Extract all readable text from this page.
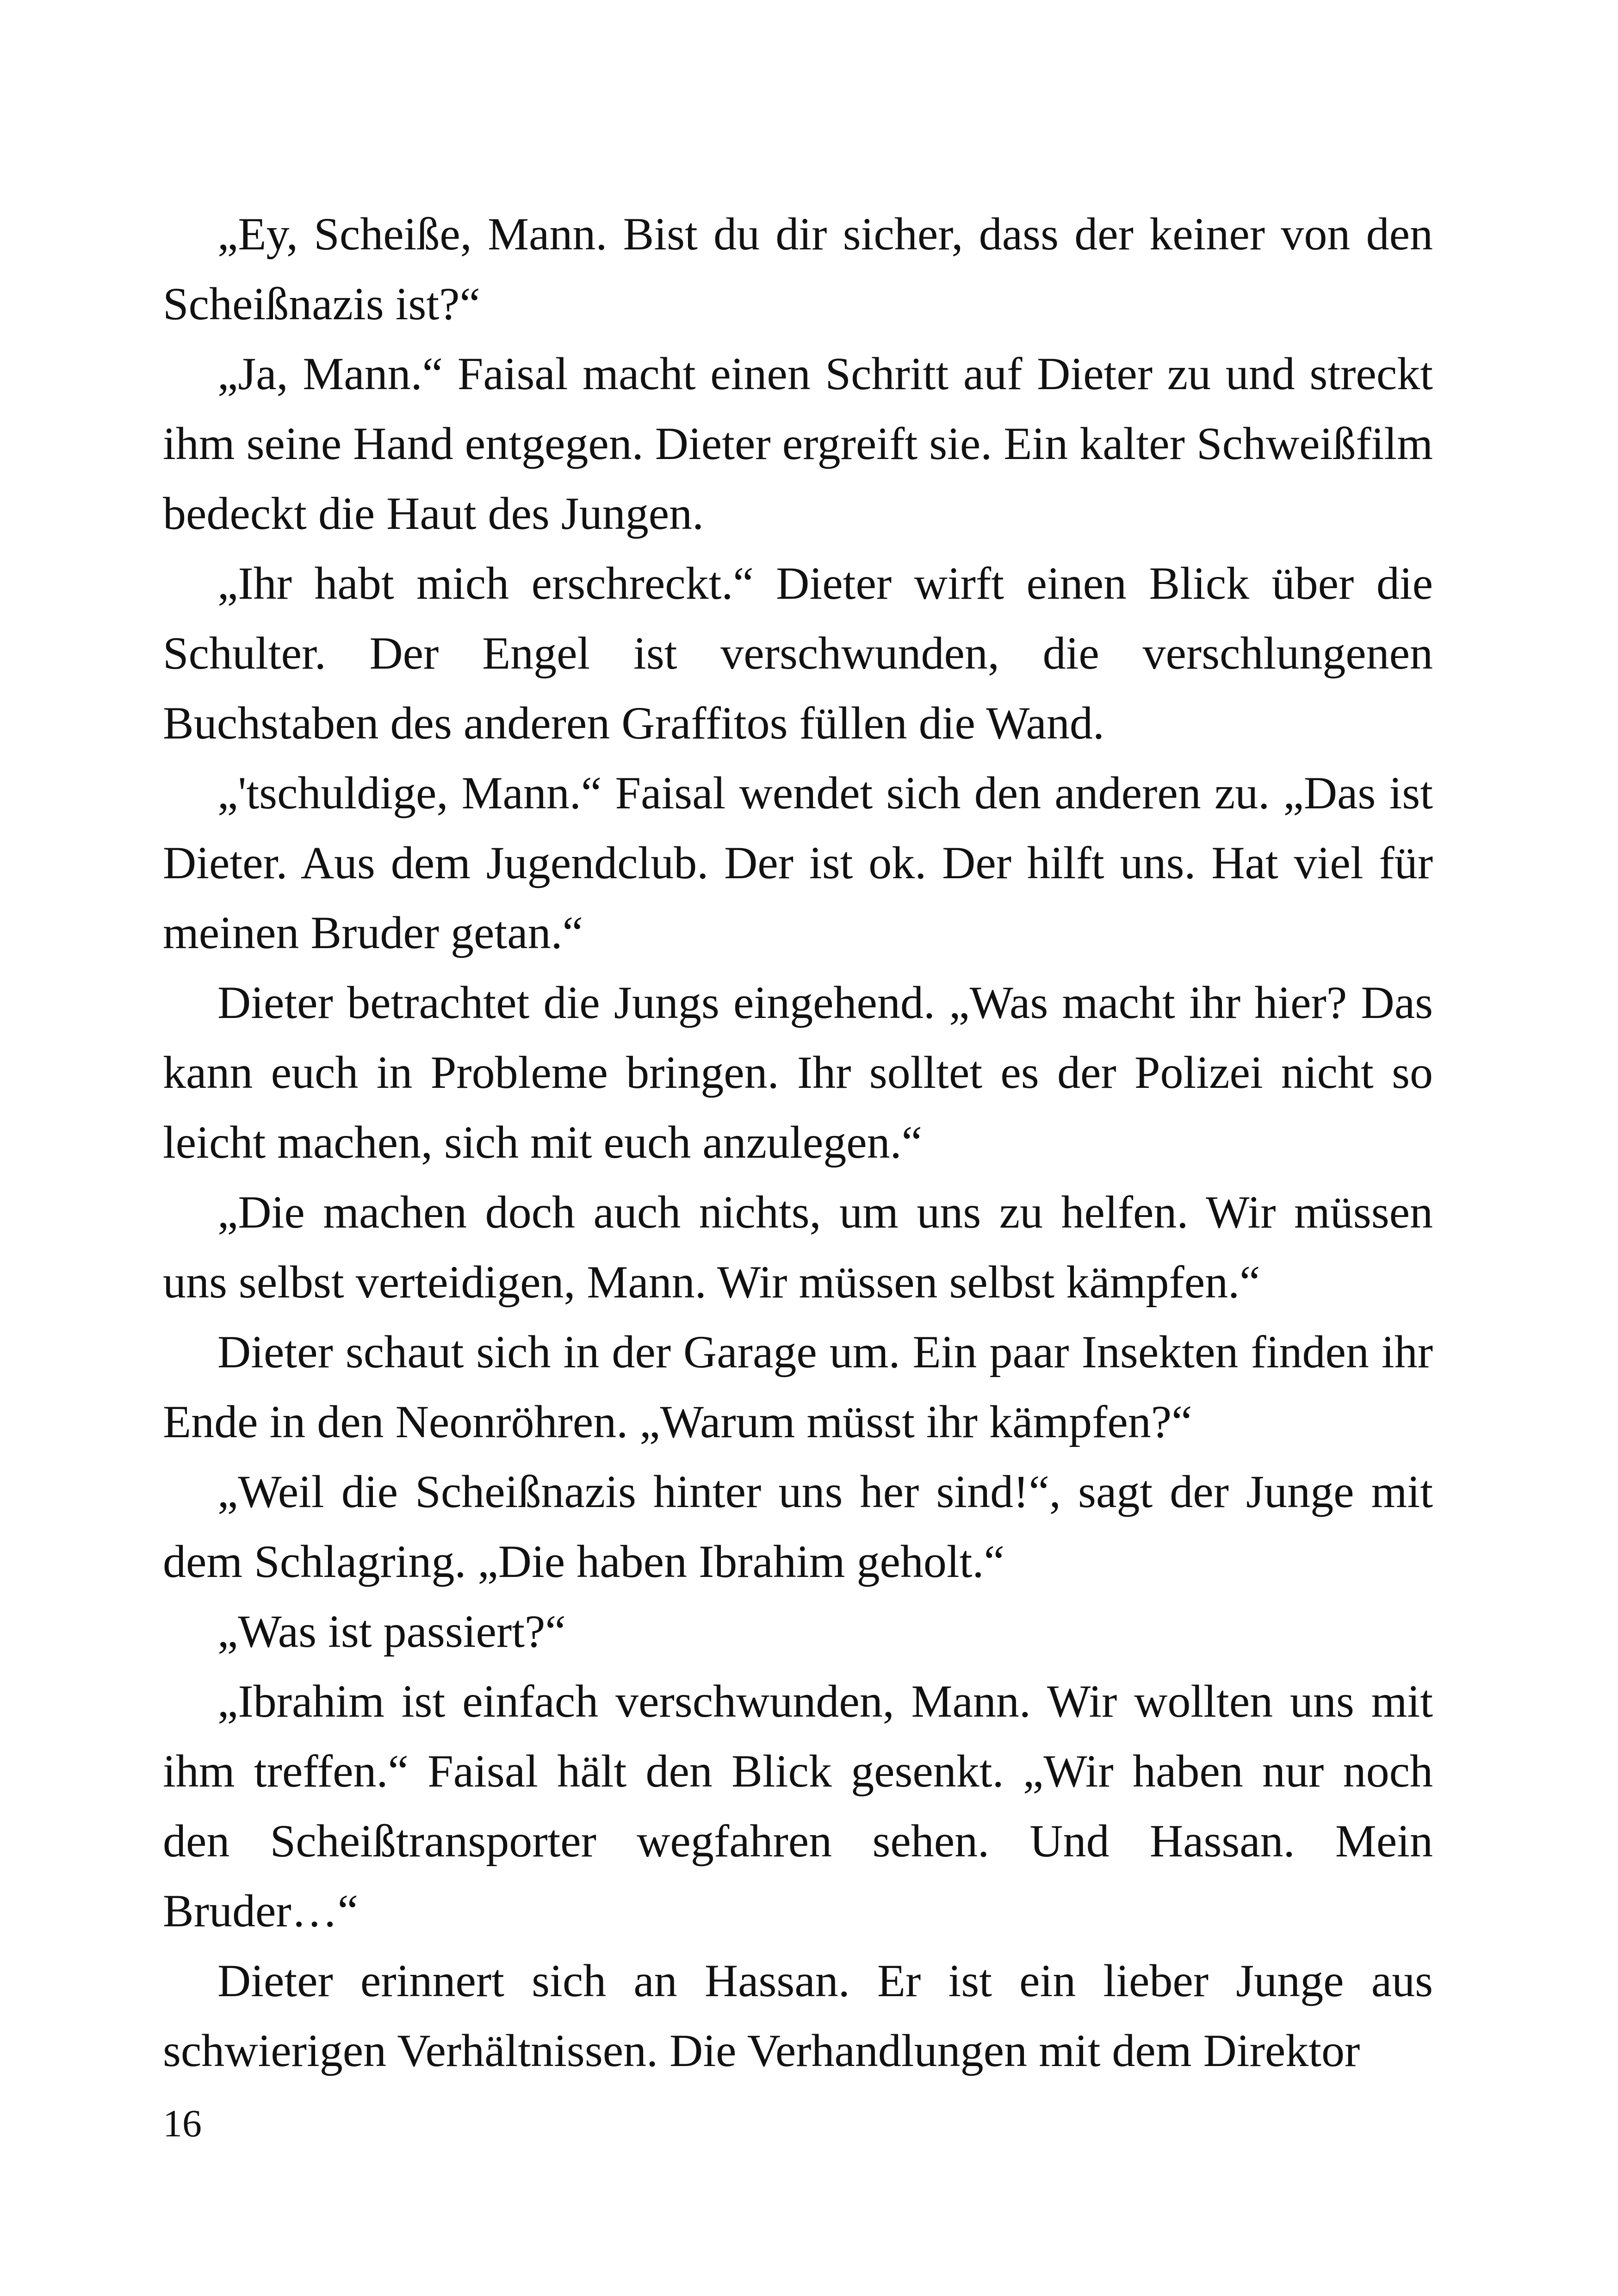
„Ey, Scheiße, Mann. Bist du dir sicher, dass der keiner von den Scheißnazis ist?“

„Ja, Mann.“ Faisal macht einen Schritt auf Dieter zu und streckt ihm seine Hand entgegen. Dieter ergreift sie. Ein kalter Schweißfilm bedeckt die Haut des Jungen.

„Ihr habt mich erschreckt.“ Dieter wirft einen Blick über die Schulter. Der Engel ist verschwunden, die verschlungenen Buchstaben des anderen Graffitos füllen die Wand.

„'tschuldige, Mann.“ Faisal wendet sich den anderen zu. „Das ist Dieter. Aus dem Jugendclub. Der ist ok. Der hilft uns. Hat viel für meinen Bruder getan.“

Dieter betrachtet die Jungs eingehend. „Was macht ihr hier? Das kann euch in Probleme bringen. Ihr solltet es der Polizei nicht so leicht machen, sich mit euch anzulegen.“

„Die machen doch auch nichts, um uns zu helfen. Wir müssen uns selbst verteidigen, Mann. Wir müssen selbst kämpfen.“

Dieter schaut sich in der Garage um. Ein paar Insekten finden ihr Ende in den Neonröhren. „Warum müsst ihr kämpfen?“

„Weil die Scheißnazis hinter uns her sind!“, sagt der Junge mit dem Schlagring. „Die haben Ibrahim geholt.“

„Was ist passiert?“

„Ibrahim ist einfach verschwunden, Mann. Wir wollten uns mit ihm treffen.“ Faisal hält den Blick gesenkt. „Wir haben nur noch den Scheißtransporter wegfahren sehen. Und Hassan. Mein Bruder…“

Dieter erinnert sich an Hassan. Er ist ein lieber Junge aus schwierigen Verhältnissen. Die Verhandlungen mit dem Direktor

16
